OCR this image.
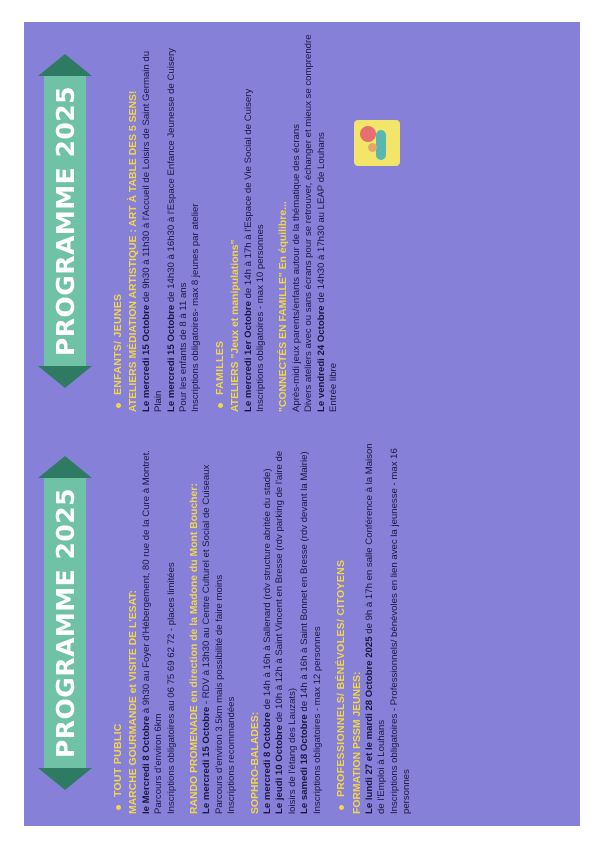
PROGRAMME 2025
TOUT PUBLIC MARCHE GOURMANDE et VISITE DE L'ESAT: le Mercredi 8 Octobre à 9h30 au Foyer d'Hébergement, 80 rue de la Cure à Montret.

Parcours d'environ 6km Inscriptions obligatoires au 06 75 69 62 72 - places limitées RANDO PROMENADE en direction de la Madone du Mont Boucher: Le mercredi 15 Octobre - RDV à 13h30 au Centre Culturel et Social de Cuiseaux Parcours d'environ 3.5km mais possibilité de faire moins Inscriptions recommandées SOPHRO-BALADES: Le mercredi 8 Octobre de 14h à 16h à Sallenard (rdv structure abritée du stade)

Le jeudi 10 Octobre de 10h à 12h à Saint Vincent en Bresse (rdv parking de l'aire de loisirs de l'étang des Lauzats) Le samedi 18 Octobre de 14h à 16h à Saint Bonnet en Bresse (rdv devant la Mairie)

Inscriptions obligatoires - max 12 personnes PROFESSIONNELS/ BÉNÉVOLES/ CITOYENS FORMATION PSSM JEUNES: Le lundi 27 et le mardi 28 Octobre 2025 de 9h à 17h en salle Conférence à la Maison de l'Emploi à Louhans Inscriptions obligatoires - Professionnels/ bénévoles en lien avec la jeunesse - max 16 personnes

PROGRAMME 2025	ENFANTS/ JEUNES ATELIERS MÉDIATION ARTISTIQUE : ART À TABLE DES 5 SENS! Le mercredi 15 Octobre de 9h30 à 11h30 à l'Accueil de Loisirs de Saint Germain du Plain Le mercredi 15 Octobre de 14h30 à 16h30 à l'Espace Enfance Jeunesse de Cuisery

Pour les enfants de 8 à 11 ans Inscriptions obligatoires- max 8 jeunes par atelier FAMILLES ATELIERS "Jeux et manipulations" Le mercredi 1er Octobre de 14h à 17h à l'Espace de Vie Social de Cuisery

Inscriptions obligatoires - max 10 personnes "CONNECTÉS EN FAMILLE" En équilibre... Après-midi jeux parents/enfants autour de la thématique des écrans Divers ateliers avec ou sans écrans pour se retrouver, échanger et mieux se comprendre Le vendredi 24 Octobre de 14h30 à 17h30 au LEAP de Louhans

Entrée libre
